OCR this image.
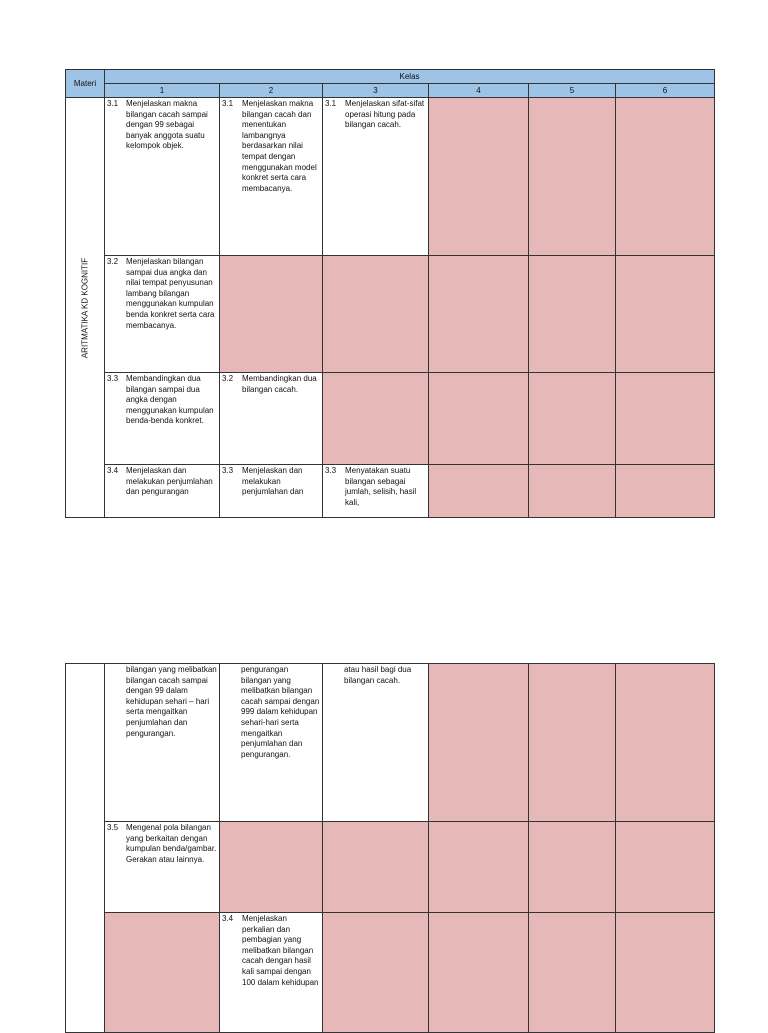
Materi	Kelas					
	1	2	3	4	5	6

ARITMATIKA KD KOGNITIF	3.1 Menjelaskan makna bilangan cacah sampai dengan 99 sebagai banyak anggota suatu kelompok objek.	3.1 Menjelaskan makna bilangan cacah dan menentukan lambangnya berdasarkan nilai tempat dengan menggunakan model konkret serta cara membacanya.	3.1 Menjelaskan sifat-sifat operasi hitung pada bilangan cacah.			

	3.2 Menjelaskan bilangan sampai dua angka dan nilai tempat penyusunan lambang bilangan menggunakan kumpulan benda konkret serta cara membacanya.					

	3.3 Membandingkan dua bilangan sampai dua angka dengan menggunakan kumpulan benda-benda konkret.	3.2 Membandingkan dua bilangan cacah.				

	3.4 Menjelaskan dan melakukan penjumlahan dan pengurangan	3.3 Menjelaskan dan melakukan penjumlahan dan	3.3 Menyatakan suatu bilangan sebagai jumlah, selisih, hasil kali,			

	bilangan yang melibatkan bilangan cacah sampai dengan 99 dalam kehidupan sehari – hari serta mengaitkan penjumlahan dan pengurangan.	pengurangan bilangan yang melibatkan bilangan cacah sampai dengan 999 dalam kehidupan sehari-hari serta mengaitkan penjumlahan dan pengurangan.	atau hasil bagi dua bilangan cacah.			

	3.5 Mengenal pola bilangan yang berkaitan dengan kumpulan benda/gambar. Gerakan atau lainnya.					

		3.4 Menjelaskan perkalian dan pembagian yang melibatkan bilangan cacah dengan hasil kali sampai dengan 100 dalam kehidupan				
